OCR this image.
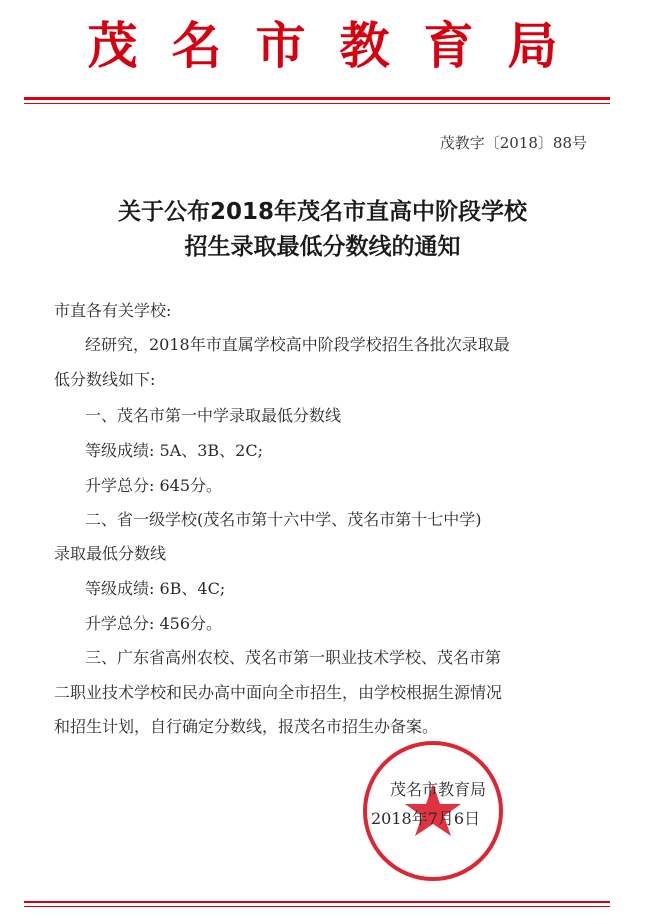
茂名市教育局
茂教字〔2018〕88号
关于公布2018年茂名市直高中阶段学校
招生录取最低分数线的通知
市直各有关学校:
经研究，2018年市直属学校高中阶段学校招生各批次录取最
低分数线如下:
一、茂名市第一中学录取最低分数线
等级成绩: 5A、3B、2C;
升学总分: 645分。
二、省一级学校(茂名市第十六中学、茂名市第十七中学)
录取最低分数线
等级成绩: 6B、4C;
升学总分: 456分。
三、广东省高州农校、茂名市第一职业技术学校、茂名市第
二职业技术学校和民办高中面向全市招生，由学校根据生源情况
和招生计划，自行确定分数线，报茂名市招生办备案。
茂名市教育局
2018年7月6日
